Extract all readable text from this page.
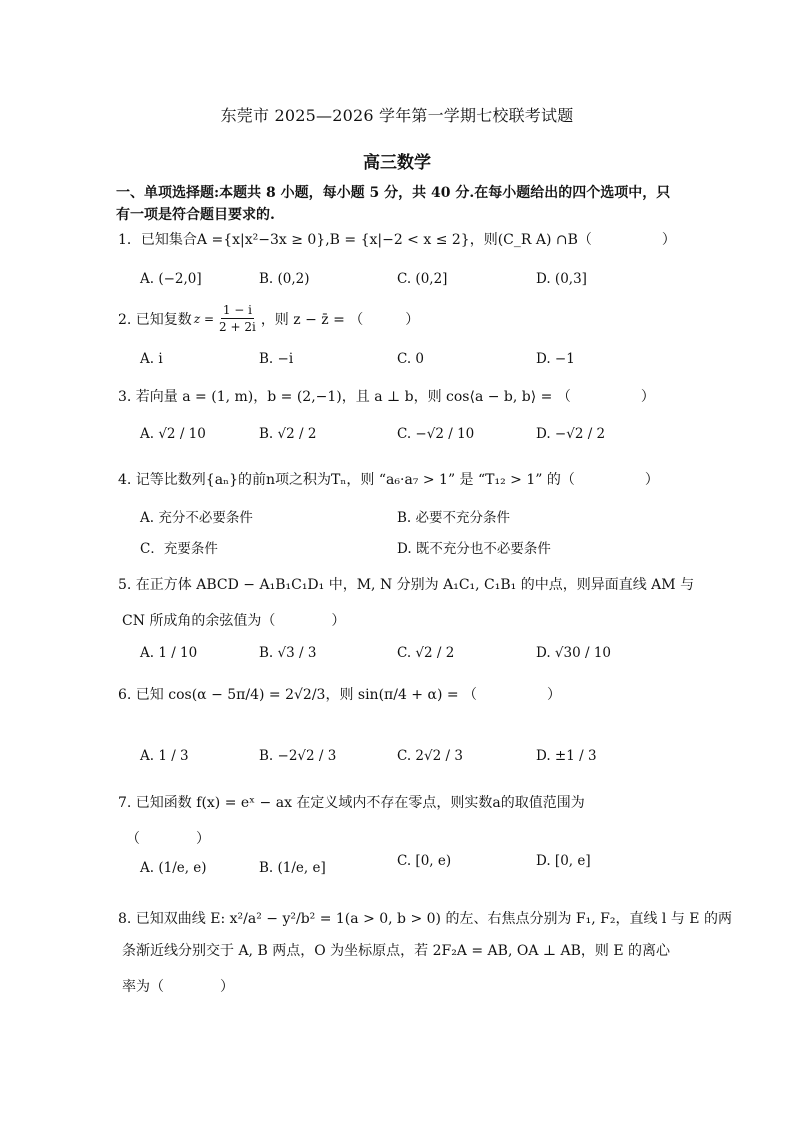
东莞市 2025—2026 学年第一学期七校联考试题
高三数学
一、单项选择题:本题共 8 小题，每小题 5 分，共 40 分.在每小题给出的四个选项中，只有一项是符合题目要求的.
1．已知集合A ={x|x²−3x ≥ 0},B = {x|−2 < x ≤ 2}，则(C_R A) ∩B（　　　　　）
A. (−2,0]	B. (0,2)	C. (0,2]	D. (0,3]
2. 已知复数 $z = \frac{1 - i}{2 + 2i}$ ，则 z − z̄ = （　　　）
A. i	B. −i	C. 0	D. −1
3. 若向量 a = (1, m)，b = (2,−1)，且 a ⊥ b，则 cos⟨a − b, b⟩ = （　　　　　）
A. √2 / 10	B. √2 / 2	C. −√2 / 10	D. −√2 / 2
4. 记等比数列{aₙ}的前n项之积为Tₙ，则 “a₆·a₇ > 1” 是 “T₁₂ > 1” 的（　　　　　）
A. 充分不必要条件	B. 必要不充分条件
C．充要条件	D. 既不充分也不必要条件
5. 在正方体 ABCD − A₁B₁C₁D₁ 中，M, N 分别为 A₁C₁, C₁B₁ 的中点，则异面直线 AM 与
CN 所成角的余弦值为（　　　　）
A. 1 / 10	B. √3 / 3	C. √2 / 2	D. √30 / 10
6. 已知 cos(α − 5π/4) = 2√2/3，则 sin(π/4 + α) = （　　　　　）
A. 1 / 3	B. −2√2 / 3	C. 2√2 / 3	D. ±1 / 3
7. 已知函数 f(x) = eˣ − ax 在定义域内不存在零点，则实数a的取值范围为
（　　　　）
A. (1/e, e)	B. (1/e, e]	C. [0, e)	D. [0, e]
8. 已知双曲线 E: x²/a² − y²/b² = 1(a > 0, b > 0) 的左、右焦点分别为 F₁, F₂，直线 l 与 E 的两
条渐近线分别交于 A, B 两点，O 为坐标原点，若 2F₂A = AB, OA ⊥ AB，则 E 的离心
率为（　　　　）
